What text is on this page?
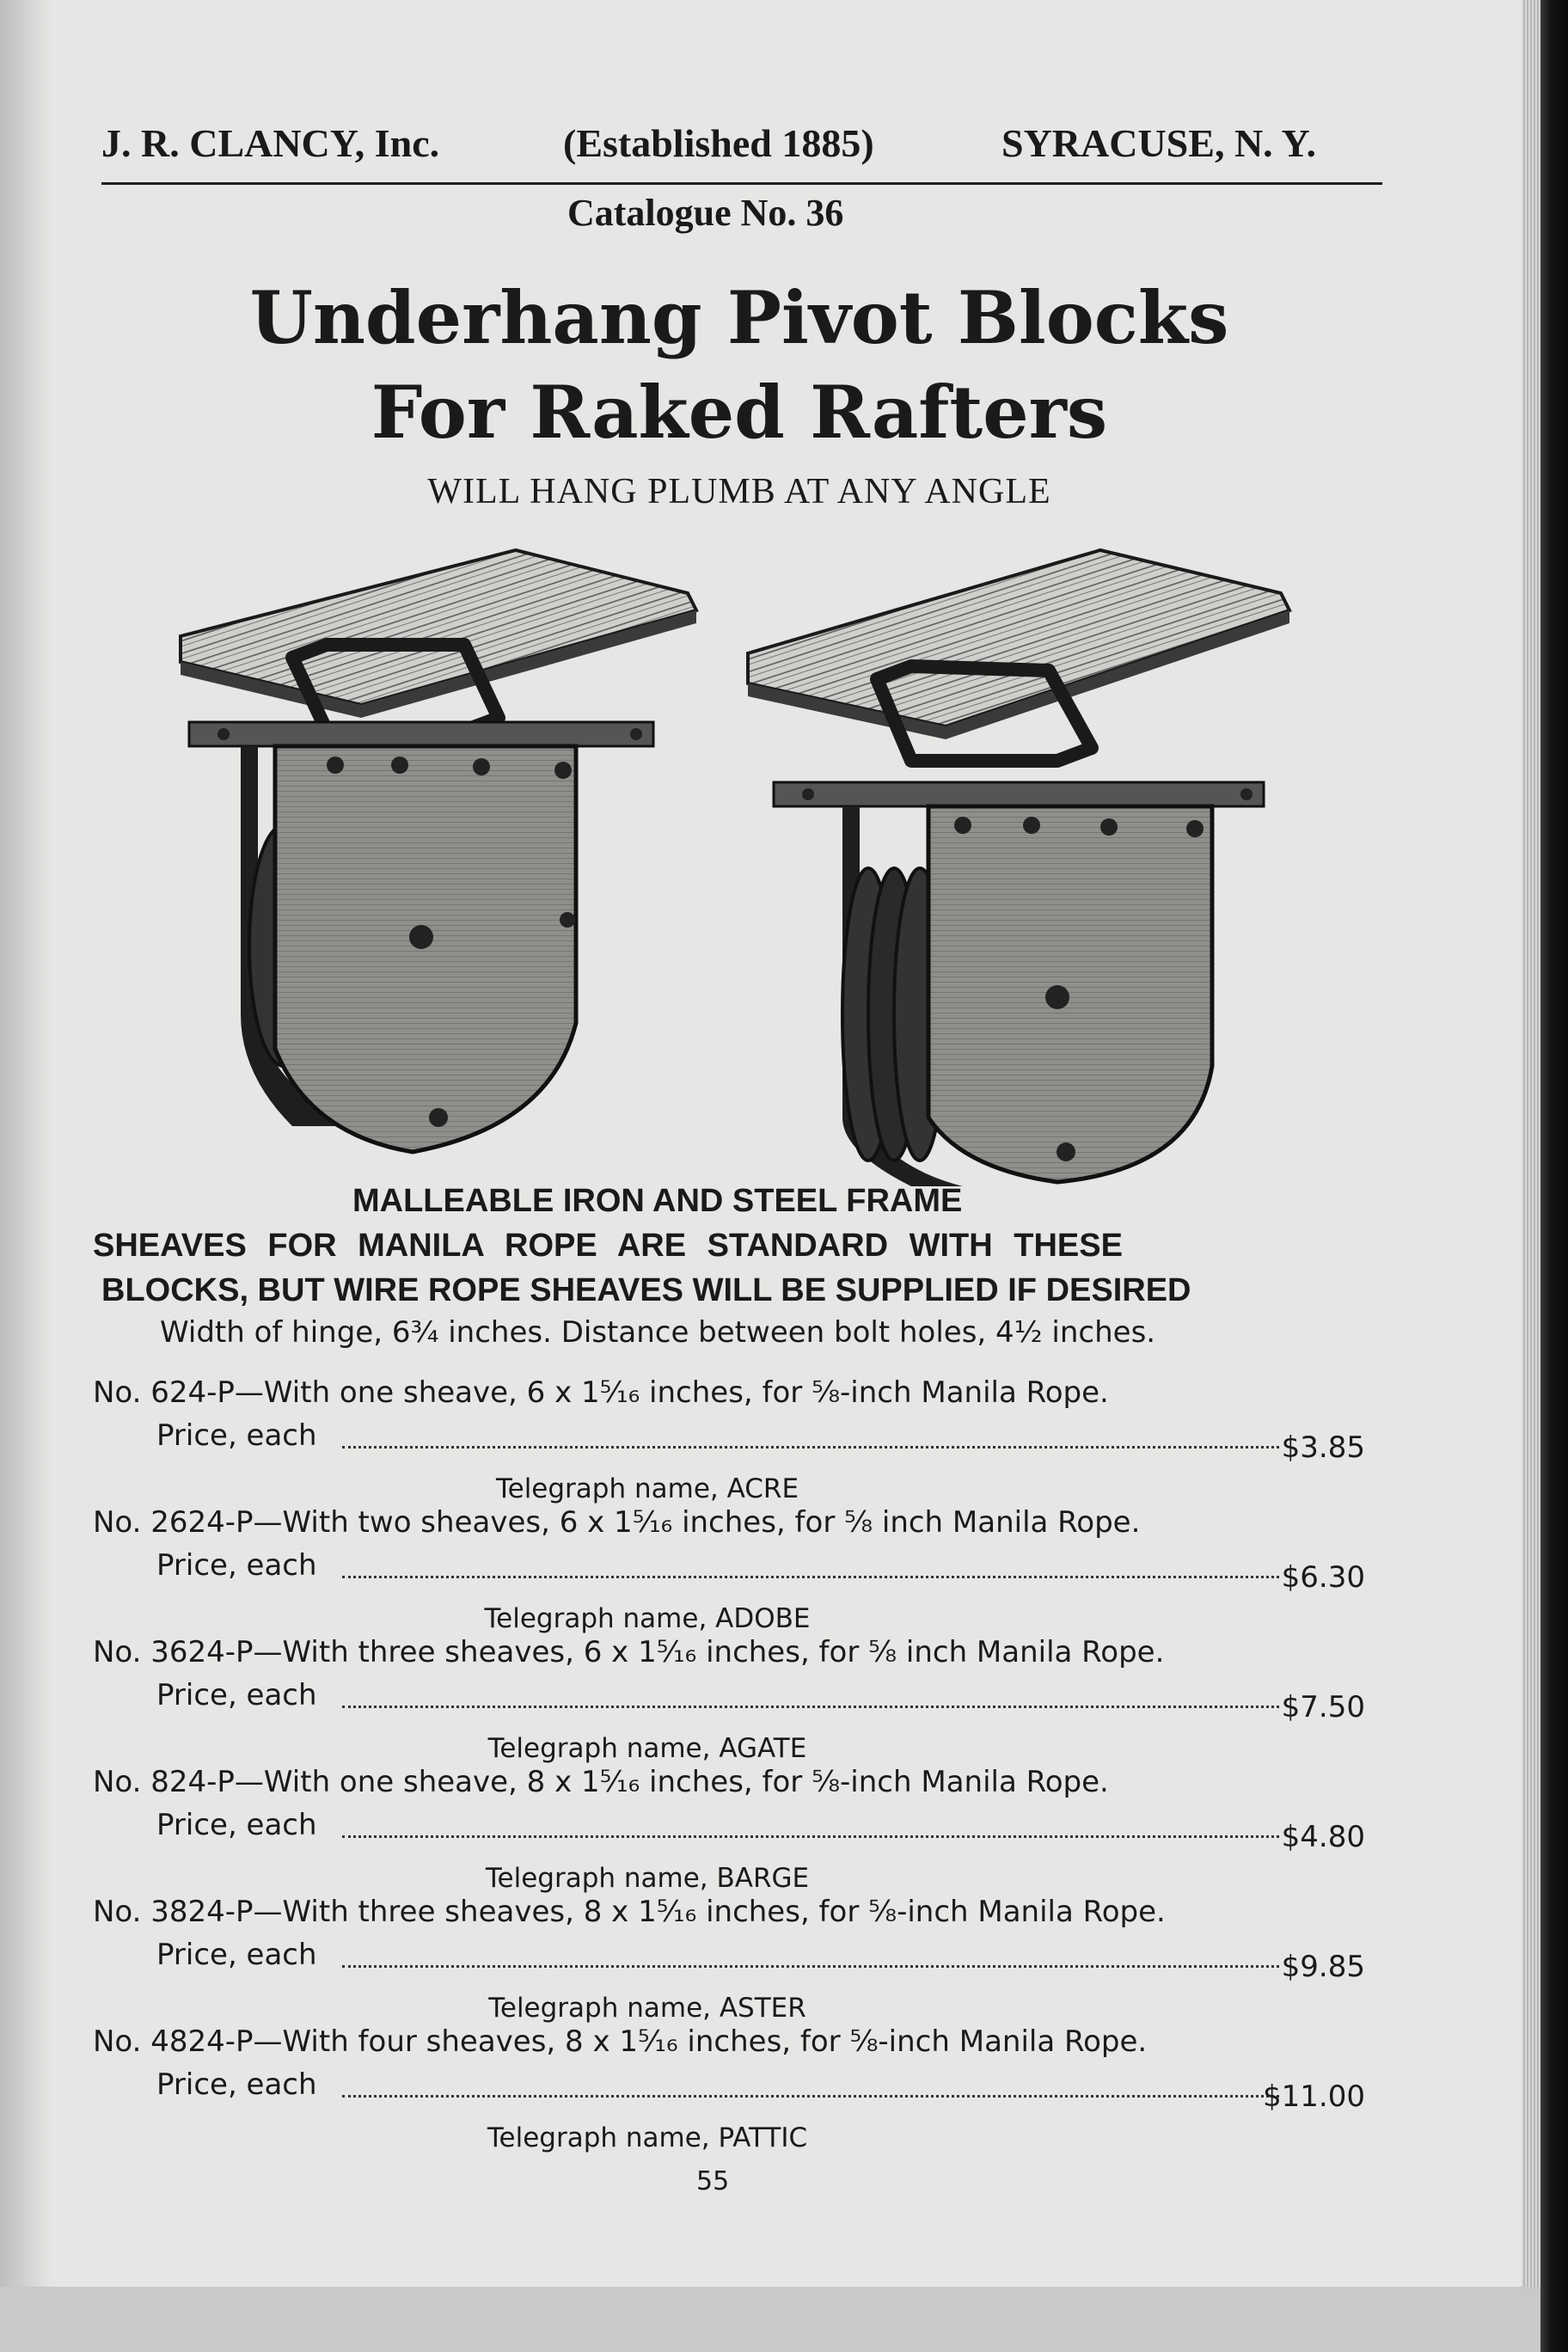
J. R. CLANCY, Inc.	(Established 1885)	SYRACUSE, N. Y.
Catalogue No. 36
Underhang Pivot Blocks
For Raked Rafters
WILL HANG PLUMB AT ANY ANGLE
MALLEABLE IRON AND STEEL FRAME
SHEAVES FOR MANILA ROPE ARE STANDARD WITH THESE
BLOCKS, BUT WIRE ROPE SHEAVES WILL BE SUPPLIED IF DESIRED
Width of hinge, 6¾ inches. Distance between bolt holes, 4½ inches.
No. 624-P—With one sheave, 6 x 1⁵⁄₁₆ inches, for ⅝-inch Manila Rope.
Price, each	$3.85
Telegraph name, ACRE
No. 2624-P—With two sheaves, 6 x 1⁵⁄₁₆ inches, for ⅝ inch Manila Rope.
Price, each	$6.30
Telegraph name, ADOBE
No. 3624-P—With three sheaves, 6 x 1⁵⁄₁₆ inches, for ⅝ inch Manila Rope.
Price, each	$7.50
Telegraph name, AGATE
No. 824-P—With one sheave, 8 x 1⁵⁄₁₆ inches, for ⅝-inch Manila Rope.
Price, each	$4.80
Telegraph name, BARGE
No. 3824-P—With three sheaves, 8 x 1⁵⁄₁₆ inches, for ⅝-inch Manila Rope.
Price, each	$9.85
Telegraph name, ASTER
No. 4824-P—With four sheaves, 8 x 1⁵⁄₁₆ inches, for ⅝-inch Manila Rope.
Price, each	$11.00
Telegraph name, PATTIC
55
